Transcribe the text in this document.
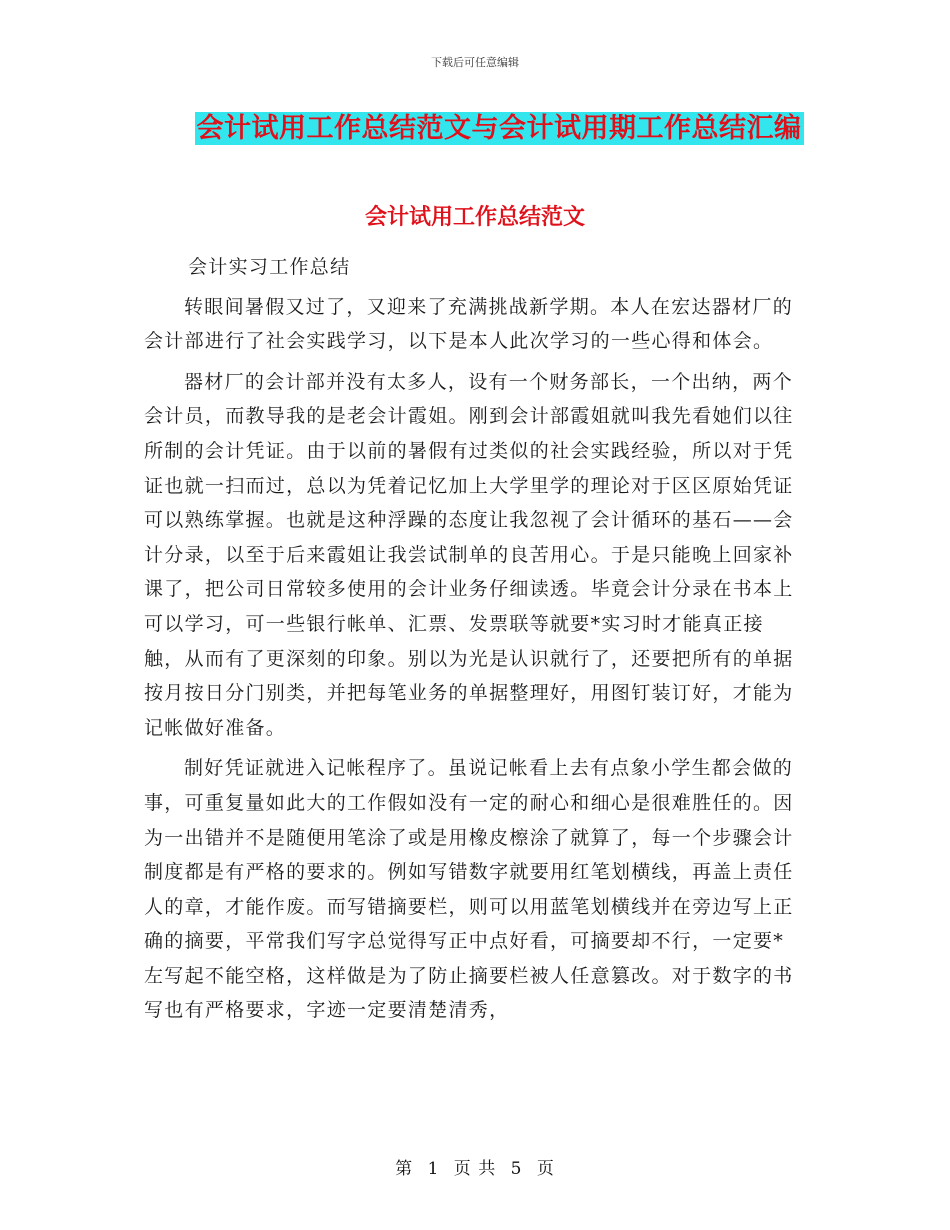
下载后可任意编辑
会计试用工作总结范文与会计试用期工作总结汇编
会计试用工作总结范文

会计实习工作总结

转眼间暑假又过了，又迎来了充满挑战新学期。本人在宏达器材厂的会计部进行了社会实践学习，以下是本人此次学习的一些心得和体会。

器材厂的会计部并没有太多人，设有一个财务部长，一个出纳，两个会计员，而教导我的是老会计霞姐。刚到会计部霞姐就叫我先看她们以往所制的会计凭证。由于以前的暑假有过类似的社会实践经验，所以对于凭证也就一扫而过，总以为凭着记忆加上大学里学的理论对于区区原始凭证可以熟练掌握。也就是这种浮躁的态度让我忽视了会计循环的基石——会计分录，以至于后来霞姐让我尝试制单的良苦用心。于是只能晚上回家补课了，把公司日常较多使用的会计业务仔细读透。毕竟会计分录在书本上可以学习，可一些银行帐单、汇票、发票联等就要*实习时才能真正接触，从而有了更深刻的印象。别以为光是认识就行了，还要把所有的单据按月按日分门别类，并把每笔业务的单据整理好，用图钉装订好，才能为记帐做好准备。

制好凭证就进入记帐程序了。虽说记帐看上去有点象小学生都会做的事，可重复量如此大的工作假如没有一定的耐心和细心是很难胜任的。因为一出错并不是随便用笔涂了或是用橡皮檫涂了就算了，每一个步骤会计制度都是有严格的要求的。例如写错数字就要用红笔划横线，再盖上责任人的章，才能作废。而写错摘要栏，则可以用蓝笔划横线并在旁边写上正确的摘要，平常我们写字总觉得写正中点好看，可摘要却不行，一定要*左写起不能空格，这样做是为了防止摘要栏被人任意篡改。对于数字的书写也有严格要求，字迹一定要清楚清秀，

第 1 页 共 5 页
